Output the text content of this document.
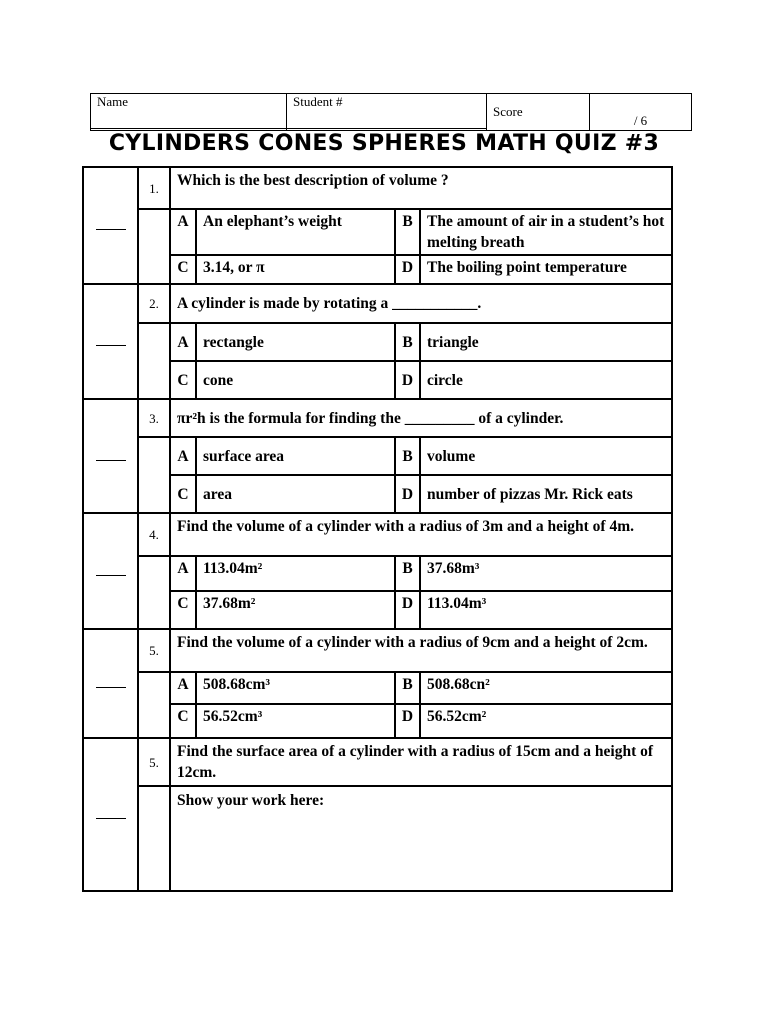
Name	Student #	Score	/ 6

CYLINDERS CONES SPHERES MATH QUIZ #3
	1.	Which is the best description of volume ?			
		A	An elephant’s weight	B	The amount of air in a student’s hot melting breath
		C	3.14, or π	D	The boiling point temperature
	2.	A cylinder is made by rotating a ___________.			
		A	rectangle	B	triangle
		C	cone	D	circle
	3.	πr²h is the formula for finding the _________ of a cylinder.			
		A	surface area	B	volume
		C	area	D	number of pizzas Mr. Rick eats
	4.	Find the volume of a cylinder with a radius of 3m and a height of 4m.			
		A	113.04m²	B	37.68m³
		C	37.68m²	D	113.04m³
	5.	Find the volume of a cylinder with a radius of 9cm and a height of 2cm.			
		A	508.68cm³	B	508.68cn²
		C	56.52cm³	D	56.52cm²
	5.	Find the surface area of a cylinder with a radius of 15cm and a height of 12cm.			
		Show your work here:			
